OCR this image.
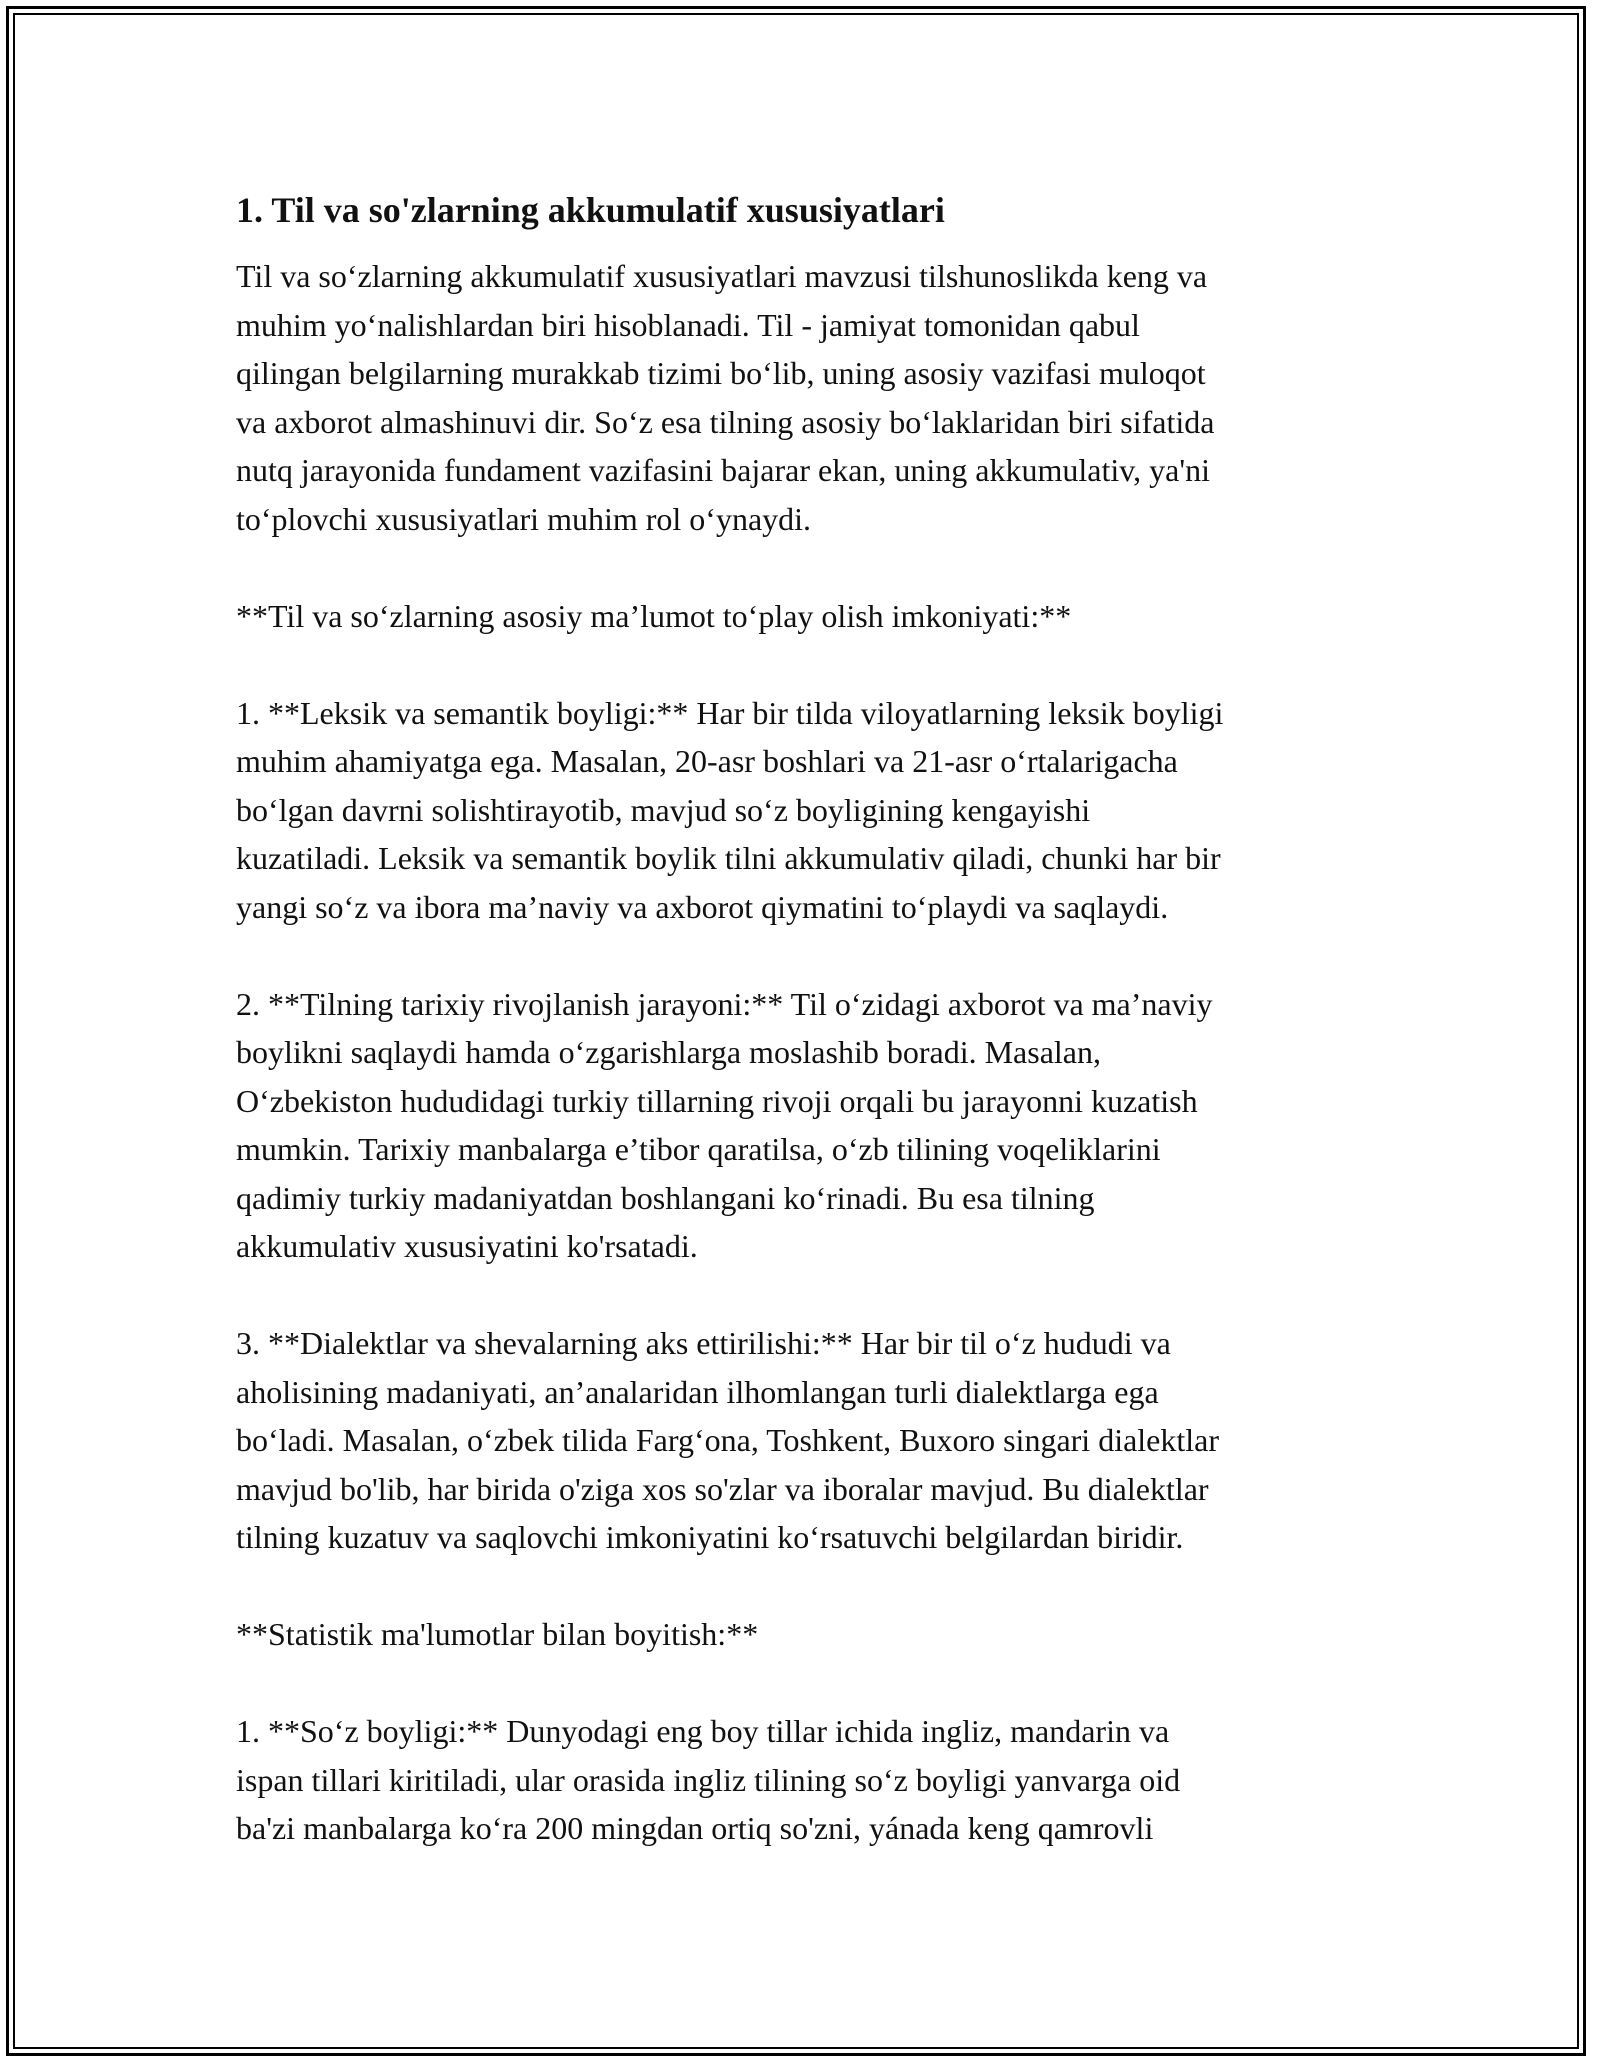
1. Til va so'zlarning akkumulatif xususiyatlari

Til va so‘zlarning akkumulatif xususiyatlari mavzusi tilshunoslikda keng va
muhim yo‘nalishlardan biri hisoblanadi. Til - jamiyat tomonidan qabul
qilingan belgilarning murakkab tizimi bo‘lib, uning asosiy vazifasi muloqot
va axborot almashinuvi dir. So‘z esa tilning asosiy bo‘laklaridan biri sifatida
nutq jarayonida fundament vazifasini bajarar ekan, uning akkumulativ, ya'ni
to‘plovchi xususiyatlari muhim rol o‘ynaydi.

**Til va so‘zlarning asosiy ma’lumot to‘play olish imkoniyati:**

1. **Leksik va semantik boyligi:** Har bir tilda viloyatlarning leksik boyligi
muhim ahamiyatga ega. Masalan, 20-asr boshlari va 21-asr o‘rtalarigacha
bo‘lgan davrni solishtirayotib, mavjud so‘z boyligining kengayishi
kuzatiladi. Leksik va semantik boylik tilni akkumulativ qiladi, chunki har bir
yangi so‘z va ibora ma’naviy va axborot qiymatini to‘playdi va saqlaydi.

2. **Tilning tarixiy rivojlanish jarayoni:** Til o‘zidagi axborot va ma’naviy
boylikni saqlaydi hamda o‘zgarishlarga moslashib boradi. Masalan,
O‘zbekiston hududidagi turkiy tillarning rivoji orqali bu jarayonni kuzatish
mumkin. Tarixiy manbalarga e’tibor qaratilsa, o‘zb tilining voqeliklarini
qadimiy turkiy madaniyatdan boshlangani ko‘rinadi. Bu esa tilning
akkumulativ xususiyatini ko'rsatadi.

3. **Dialektlar va shevalarning aks ettirilishi:** Har bir til o‘z hududi va
aholisining madaniyati, an’analaridan ilhomlangan turli dialektlarga ega
bo‘ladi. Masalan, o‘zbek tilida Farg‘ona, Toshkent, Buxoro singari dialektlar
mavjud bo'lib, har birida o'ziga xos so'zlar va iboralar mavjud. Bu dialektlar
tilning kuzatuv va saqlovchi imkoniyatini ko‘rsatuvchi belgilardan biridir.

**Statistik ma'lumotlar bilan boyitish:**

1. **So‘z boyligi:** Dunyodagi eng boy tillar ichida ingliz, mandarin va
ispan tillari kiritiladi, ular orasida ingliz tilining so‘z boyligi yanvarga oid
ba'zi manbalarga ko‘ra 200 mingdan ortiq so'zni, yánada keng qamrovli
